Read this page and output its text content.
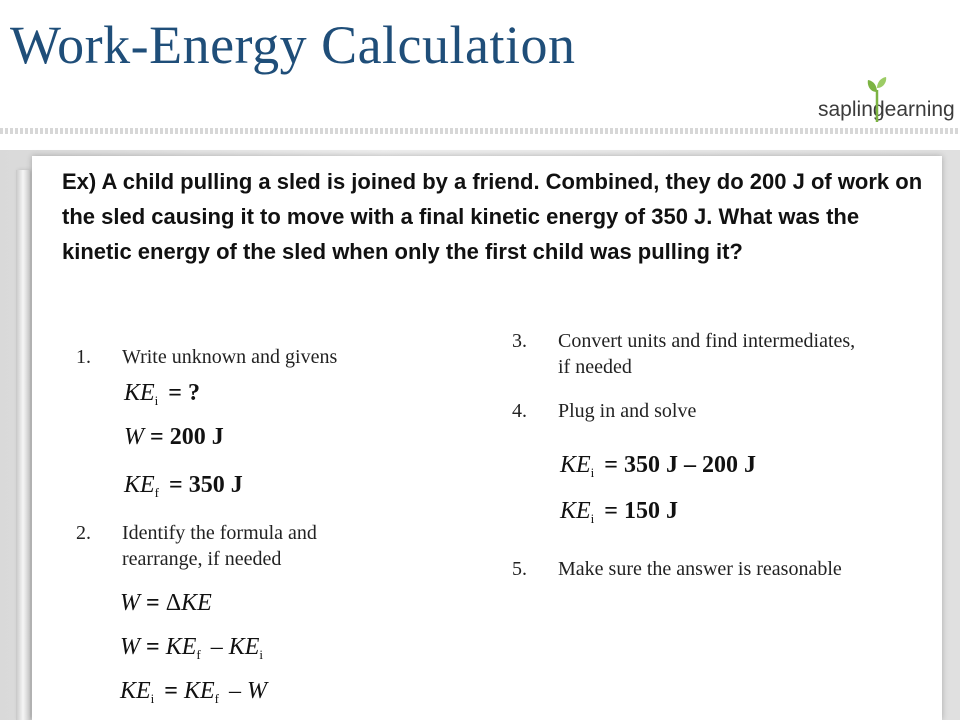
Work-Energy Calculation
sapling
learning
Ex) A child pulling a sled is joined by a friend. Combined, they do 200 J of work on the sled causing it to move with a final kinetic energy of 350 J. What was the kinetic energy of the sled when only the first child was pulling it?
1. Write unknown and givens
$KE_i$ = ?
W = 200 J
$KE_f = 350$ J
2. Identify the formula and rearrange, if needed
W = ΔKE
$W = KE_f - KE_i$
$KE_i = KE_f - W$
3. Convert units and find intermediates, if needed
4. Plug in and solve
$KE_i = 350$ J – 200 J
$KE_i = 150$ J
5. Make sure the answer is reasonable
